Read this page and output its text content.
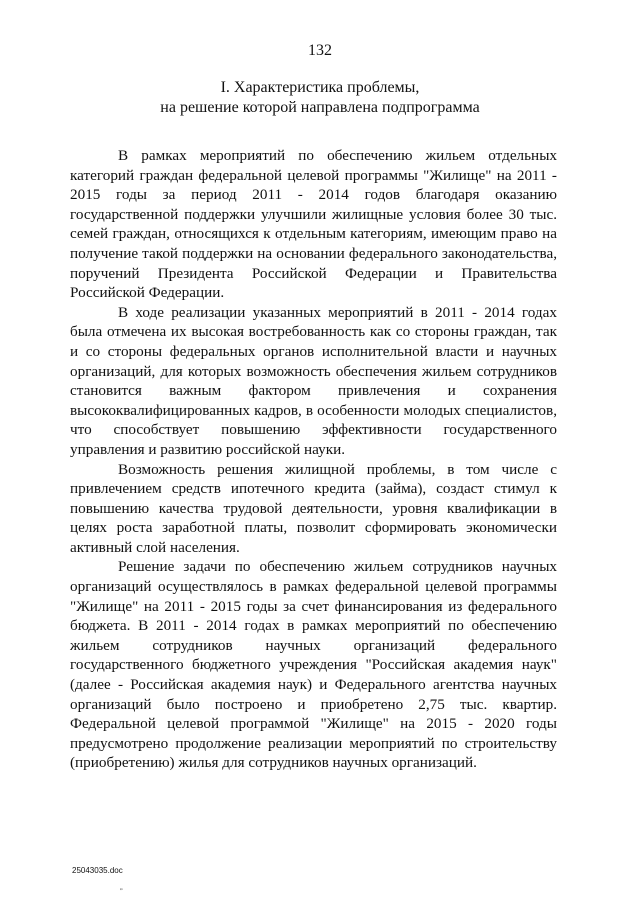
132
I. Характеристика проблемы,
на решение которой направлена подпрограмма

В рамках мероприятий по обеспечению жильем отдельных категорий граждан федеральной целевой программы "Жилище" на 2011 - 2015 годы за период 2011 - 2014 годов благодаря оказанию государственной поддержки улучшили жилищные условия более 30 тыс. семей граждан, относящихся к отдельным категориям, имеющим право на получение такой поддержки на основании федерального законодательства, поручений Президента Российской Федерации и Правительства Российской Федерации.

В ходе реализации указанных мероприятий в 2011 - 2014 годах была отмечена их высокая востребованность как со стороны граждан, так и со стороны федеральных органов исполнительной власти и научных организаций, для которых возможность обеспечения жильем сотрудников становится важным фактором привлечения и сохранения высококвалифицированных кадров, в особенности молодых специалистов, что способствует повышению эффективности государственного управления и развитию российской науки.

Возможность решения жилищной проблемы, в том числе с привлечением средств ипотечного кредита (займа), создаст стимул к повышению качества трудовой деятельности, уровня квалификации в целях роста заработной платы, позволит сформировать экономически активный слой населения.

Решение задачи по обеспечению жильем сотрудников научных организаций осуществлялось в рамках федеральной целевой программы "Жилище" на 2011 - 2015 годы за счет финансирования из федерального бюджета. В 2011 - 2014 годах в рамках мероприятий по обеспечению жильем сотрудников научных организаций федерального государственного бюджетного учреждения "Российская академия наук" (далее - Российская академия наук) и Федерального агентства научных организаций было построено и приобретено 2,75 тыс. квартир. Федеральной целевой программой "Жилище" на 2015 - 2020 годы предусмотрено продолжение реализации мероприятий по строительству (приобретению) жилья для сотрудников научных организаций.

25043035.doc
„
